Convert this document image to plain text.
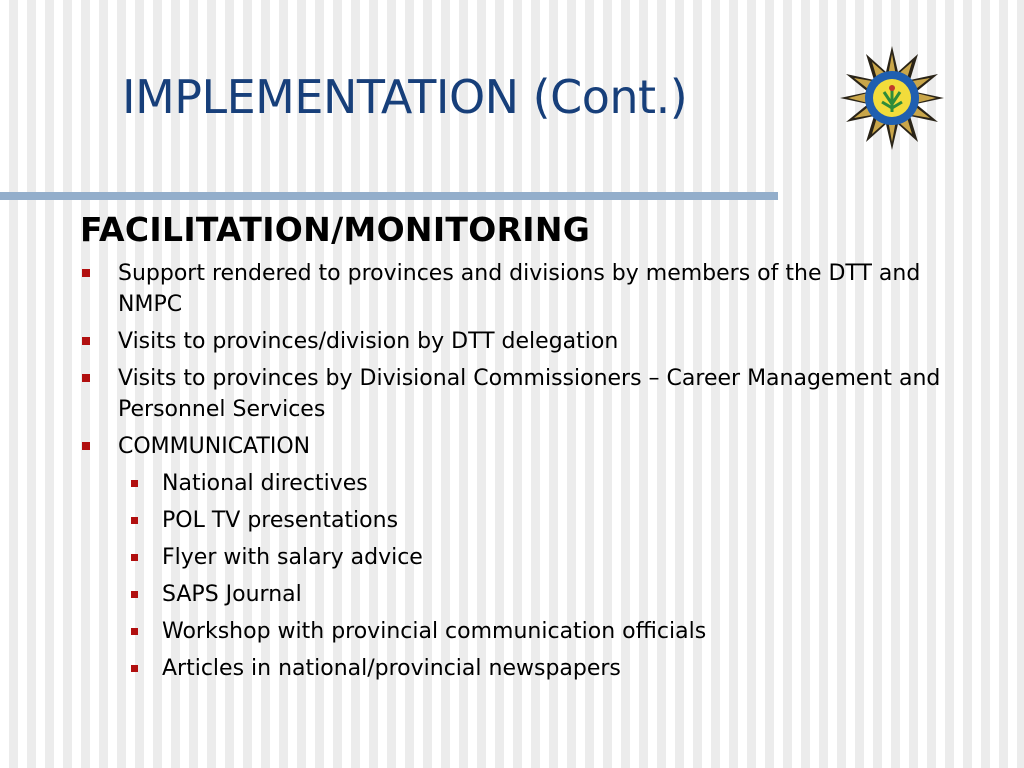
IMPLEMENTATION (Cont.)
FACILITATION/MONITORING
Support rendered to provinces and divisions by members of the DTT and NMPC
Visits to provinces/division by DTT delegation
Visits to provinces by Divisional Commissioners – Career Management and Personnel Services
COMMUNICATION
National directives
POL TV presentations
Flyer with salary advice
SAPS Journal
Workshop with provincial communication officials
Articles in national/provincial newspapers
